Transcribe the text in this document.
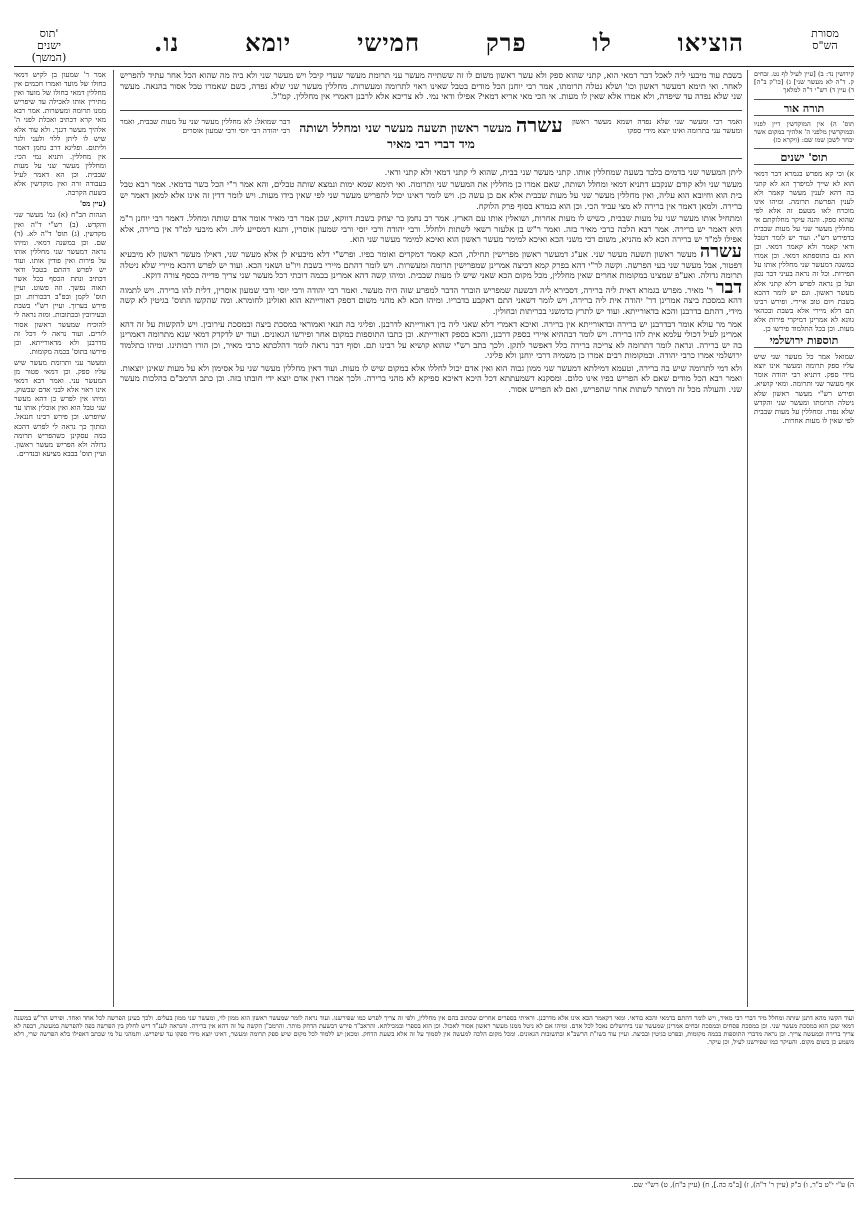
מסורת
הש"ס
הוציאו
לו
פרק
חמישי
יומא
נו.
תוס'
ישנים
(המשך)
קידושין נד: ב) [עיין לעיל לף נט. זבחים ק. ד"ה לא מעשר שני] ג) [כו"ק ב"ה] ד) עיין ד) רש"י ד"ה למלאך
תורה אור
תוס' ה) אין המוקדשין דיין לפניו ובמוקדשין מלפני ה' אלהיך במקום אשר יבחר לשכן שמו שם: (ויקרא כז)
תוס' ישנים
א) וכי קא מפרש בגמרא דבר דמאי הוא לא שייך למיפרך הא לא קתני בה דהא לענין מעשר קאמר ולא לענין הפרשת תרומה. ומיהו אינו מוכרח לאו מטעם זה אלא לפי שהוא ספק. והנה עיקר מחלוקתם אי מחללין מעשר שני על מעות שבבית כדפירש רש"י. ועוד יש לומר דטבל ודאי קאמר ולא קאמר דמאי. וכן הוא גם בתוספתא דמאי. וכן אמרו במשנה דמעשר שני מחללין אותו על הפירות. וכל זה נראה בעיני דבר נכון ועל כן נראה לפרש דלא קתני אלא מעשר ראשון. וגם יש לומר דהכא בשבת ויום טוב איירי. ופירש רבינו תם דלא מיירי אלא בשבת ובכהאי גוונא לא אמרינן דמיקרי פירות אלא מעות. וכן בכל התלמוד פירשו כן.
תוספות ירושלמי
שמואל אמר כל מעשר שני שיש עליו ספק תרומה ומעשר אינו יוצא מידי ספק. דתניא רבי יהודה אומר אף מעשר שני ותרומה. ומאי קושיא. ופירש רש"י מעשר ראשון שלא ניטלה תרומתו ומעשר שני והקדש שלא נפדו. ומחללין על מעות שבבית לפי שאין לו מעות אחרות.
אמר ר' שמעון בן לקיש דמאי בחולו של מועד ואמרו חכמים אין מחללין דמאי בחולו של מועד ואין מתירין אותו לאכילה עד שיפריש ממנו תרומה ומעשרות. אמר רבא מאי קרא דכתיב ואכלת לפני ה' אלהיך מעשר דגנך. ולא עוד אלא שיש לו ליתן ללוי ולעני ולגר וליתום. ופליגא דרב נחמן דאמר אין מחללין. ותניא נמי הכי: ומחללין מעשר שני על מעות שבבית. וכן הא דאמר לעיל בעבודה זרה ואין מוקדשין אלא בשעת הקרבה.
(עיין מס'
הגהות הב"ח (א) גמ' מעשר שני והקדש. (ב) רש"י ד"ה ואין מקדשין. (ג) תוס' ד"ה לא. (ד) שם. וכן במשנה דמאי. ומיהו נראה דמעשר שני מחללין אותו על פירות ואין פודין אותו. ועוד יש לפרש דהתם בטבל ודאי דכתיב ונתת הכסף בכל אשר תאוה נפשך. וזה פשוט. ועיין תוס' לקמן ובפ"ב דבכורות. וכן פירש בערוך. ועיין רש"י בשבת ובעירובין ובכתובות. ומזה נראה לי להוכיח שמעשר ראשון אסור לזרים. ועוד נראה לי דכל זה מדרבנן ולא מדאורייתא. וכן פירשו בתוס' בכמה מקומות.
ומעשר עני ותרומת מעשר שיש עליו ספק. וכן דמאי פטור מן המעשר עני. ואמר רבא דמאי אינו ראוי אלא לבני אדם שבשוק. ומיהו אין לפרש כן דהא מעשר שני טבל הוא ואין אוכלין אותו עד שיופרש. וכן פירש רבינו חננאל. ומתוך כך נראה לי לפרש דהכא במה עסקינן כשהפריש תרומה גדולה ולא הפריש מעשר ראשון. ועיין תוס' בבבא מציעא ובנדרים.
בשבת עוד מיבעי ליה לאכל דבר דמאי הוא, קתני שהוא ספק ולא עשר ראשון משום לו זה ששתייה מעשר עני תרומת מעשר שעדי קיבל ויש מעשר שני ולא ביה מה שהוא הכל אחר עתיד להפריש לאחר. ואי תימא דמעשר ראשון וכו' ושלא נטלה תרומתו, אמר רבי יוחנן הכל מודים בטבל שאינו ראוי לתרומה ומעשרות. מחללין מעשר שני שלא נפדה, כשם שאמרו טבל אסור בהנאה. מעשר שני שלא נפדה עד שיפדה, ולא אמרו אלא שאין לו מעות. אי הכי מאי אריא דמאי? אפילו ודאי נמי. לא צריכא אלא לרבנן דאמרי אין מחללין. קמ"ל.
ואמר רבי ומעשר שני שלא נפדה ושמא מעשר ראשון ומעשר עני בתרומה ואינו יוצא מידי ספקו
עשרה מעשר ראשון תשעה מעשר שני ומחלל ושותה מיד דברי רבי מאיר
דבר שמואל: לא מחללין מעשר שני על מעות שבבית, ואמר רבי יהודה רבי יוסי ורבי שמעון אוסרים
ליתן המעשר שני בדמים בלבד בשעה שמחללין אותו. קתני מעשר שני בבית, שהוא לי קתני דמאי ולא קתני ודאי.
מעשר שני ולא קודם שנקבע דתניא דמאי ומחלל ושותה, שאם אמרו כן מחללין את המעשר שני ותרומה. ואי תימא שמא ימות ונמצא שותה טבלים, והא אמר ר"י הכל כשר בדמאי. אמר רבא טבל בית הוא וחיובא הוא עליה, ואין מחללין מעשר שני על מעות שבבית אלא אם כן עשה כן. ויש לומר דאינו יכול להפריש מעשר שני לפי שאין בידו מעות. ויש לומר דדין זה אינו אלא למאן דאמר יש ברירה. ולמאן דאמר אין ברירה לא מצי עביד הכי. וכן הוא בגמרא בסוף פרק הלוקח.
ומתחיל אותו מעשר שני על מעות שבבית, כשיש לו מעות אחרות, ושואלין אותו עם הארץ. אמר רב נחמן בר יצחק בשבת דווקא, שכן אמר רבי מאיר אומר אדם שותה ומחלל. דאמר רבי יוחנן ר"מ היא דאמר יש ברירה. אמר רבא הלכה כרבי מאיר בזה. ואמר ר"ש בן אלעזר רשאי לשתות ולחלל. ורבי יהודה ורבי יוסי ורבי שמעון אוסרין, ותנא דמסייע ליה. ולא מיבעי למ"ד אין ברירה, אלא אפילו למ"ד יש ברירה הכא לא מהניא, משום דכי משני הכא ואיכא למימר מעשר ראשון הוא ואיכא למימר מעשר שני הוא.
עשרה מעשר ראשון תשעה מעשר שני. אע"ג דמעשר ראשון מפרישין תחילה, הכא קאמר דמקדים ואומר בפיו. ופרש"י דלא מיבעיא לן אלא מעשר שני, דאילו מעשר ראשון לא מיבעיא דפטור, אבל מעשר שני בעי הפרשה. וקשה לר"י דהא בפרק קמא דביצה אמרינן שמפרישין תרומה ומעשרות. ויש לומר דהתם מיירי בשבת ויו"ט ושאני הכא. ועוד יש לפרש דהכא מיירי שלא ניטלה תרומה גדולה. ואע"פ שמצינו במקומות אחרים שאין מחללין, מכל מקום הכא שאני שיש לו מעות שבבית. ומיהו קשה דהא אמרינן בכמה דוכתי דכל מעשר שני צריך פדייה בכסף צורה דוקא.
דבר ר' מאיר. מפרש בגמרא דאית ליה ברירה, דסבירא ליה דבשעה שמפריש הוברר הדבר למפרע שזה היה מעשר. ואמר רבי יהודה ורבי יוסי ורבי שמעון אוסרין, דלית להו ברירה. ויש לתמוה דהא במסכת ביצה אמרינן דר' יהודה אית ליה ברירה, ויש לומר דשאני התם דאקבע בדבריו. ומיהו הכא לא מהני משום דספק דאורייתא הוא ואזלינן לחומרא. ומה שהקשו התוס' בגיטין לא קשה מידי, דהתם בדרבנן והכא בדאורייתא. ועוד יש לתרץ כדמשני בכריתות ובחולין.
אמר מר עולא אומר דבדרבנן יש ברירה ובדאורייתא אין ברירה. ואיכא דאמרי דלא שאני ליה בין דאורייתא לדרבנן. ופליגי בה תנאי ואמוראי במסכת ביצה ובמסכת עירובין. ויש להקשות על זה דהא אמרינן לעיל דכולי עלמא אית להו ברירה. ויש לומר דבההיא איירי בספק דרבנן, והכא בספק דאורייתא. וכן כתבו התוספות במקום אחר ופירשו הגאונים. ועוד יש לדקדק דמאי שנא מתרומה דאמרינן בה יש ברירה. ונראה לומר דתרומה לא צריכה ברירה כלל דאפשר לתקן. ולכך כתב רש"י שהוא קושיא על רבינו תם. וסוף דבר נראה לומר דהלכתא כרבי מאיר, וכן הורו רבותינו. ומיהו בתלמוד ירושלמי אמרו כרבי יהודה. ובמקומות רבים אמרו כן משמיה דרבי יוחנן ולא פליגי.
ולא דמי לתרומה שיש בה ברירה, וטעמא דמילתא דמעשר שני ממון גבוה הוא ואין אדם יכול לחללו אלא במקום שיש לו מעות. ועוד דאין מחללין מעשר שני על אסימון ולא על מעות שאינן יוצאות. ואמר רבא הכל מודים שאם לא הפריש בפיו אינו כלום. ומסקנא דשמעתתא דכל היכא דאיכא ספיקא לא מהני ברירה. ולכך אמרו דאין אדם יוצא ידי חובתו בזה. וכן כתב הרמב"ם בהלכות מעשר שני. והעולה מכל זה דמותר לשתות אחר שהפריש, ואם לא הפריש אסור.
ועוד הקשו מהא דתנן שותה ומחלל מיד דברי רבי מאיר, ויש לומר דהתם בדמאי והכא בודאי. ומאי דקאמר הכא אינו אלא מדרבנן. וראיתי בספרים אחרים שכתוב בהם אין מחללין, ולפי זה צריך לפרש כמו שפירשנו. ועוד נראה לומר שמעשר ראשון הוא ממון לוי, ומעשר שני ממון בעלים. ולכך בעינן הפרשה לכל אחד ואחד. ופירש הר"ש במשנה דמאי שכן הוא במסכת מעשר שני. וכן במסכת פסחים ובמסכת זבחים אמרינן שמעשר שני בירושלים נאכל לכל אדם. ומיהו אם לא ניטל ממנו מעשר ראשון אסור לאכול. וכן הוא בספרי ובמכילתא. והראב"ד פירש דבשעת הדחק מותר. והרמב"ן הקשה על זה דהא אין ברירה. והנראה לענ"ד דיש לחלק בין הפרשה בפה להפרשה במעשה, דבפה לא צריך ברירה ובמעשה צריך. וכן נראה מדברי התוספות בכמה מקומות, ובפרט בגיטין ובביצה. ועיין עוד בשו"ת הרשב"א ובתשובות הגאונים. ומכל מקום הלכה למעשה אין לסמוך על זה אלא בשעת הדחק. ומכאן יש ללמוד לכל מקום שיש ספק תרומה ומעשר, דאינו יוצא מידי ספקו עד שיפריש. ותמהני על מי שכתב דאפילו בלא הפרשה שרי, דלא משמע כן בשום מקום. והעיקר כמו שפירשנו לעיל, וכן עיקר.
ה) ע"י י"ט ב"ר, ו) ב"ק (עיין ר' ד"ה), ז) [ב"מ כה.], ח) (עיין ב"ח), ט) רש"י שם.
